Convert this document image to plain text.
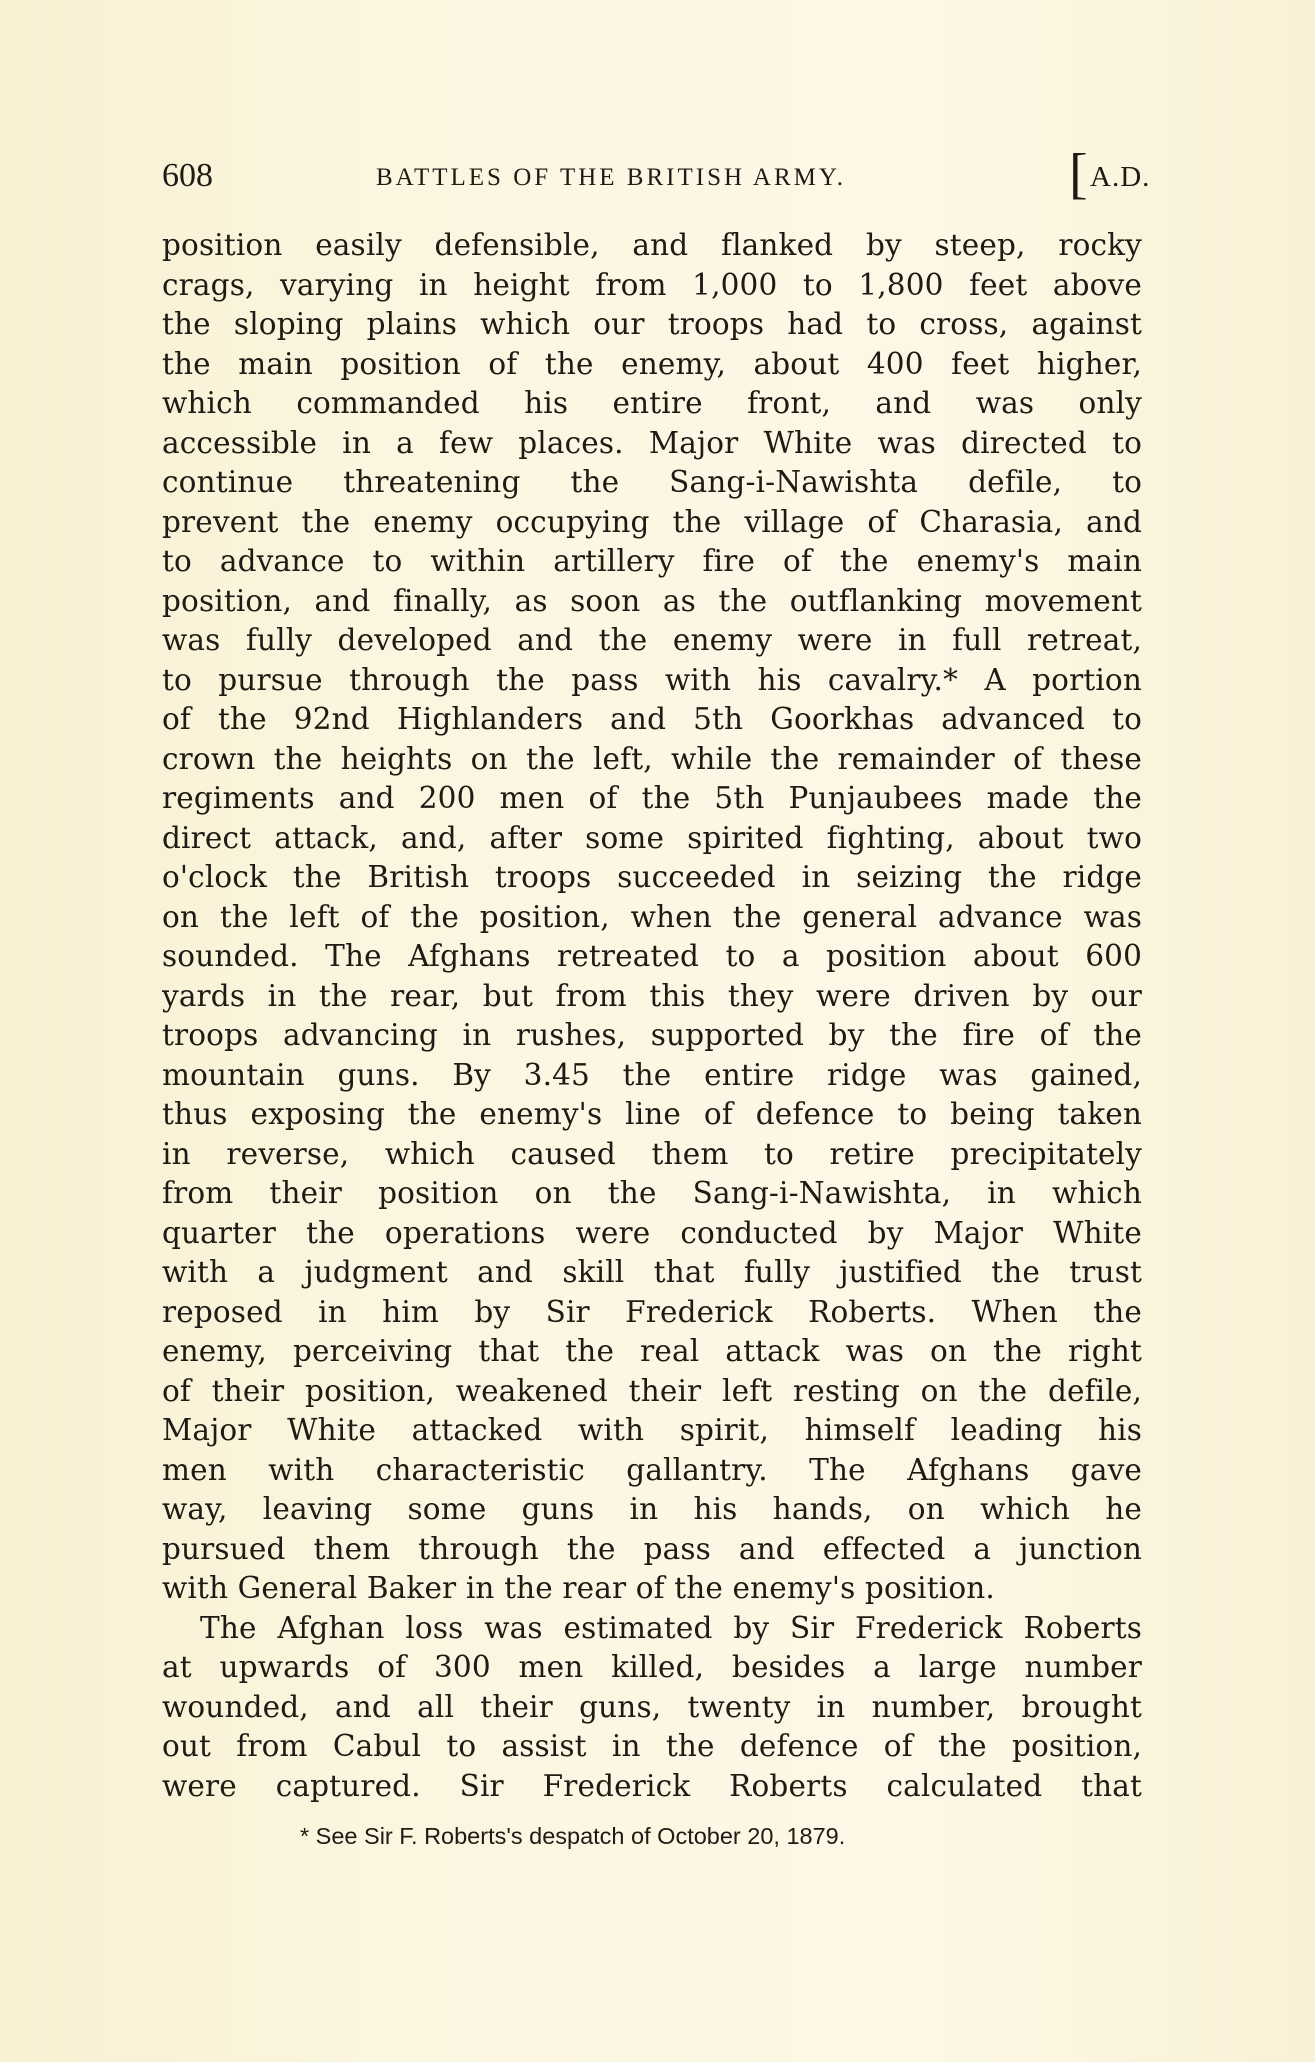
608	BATTLES OF THE BRITISH ARMY.	[ A.D.
position easily defensible, and flanked by steep, rocky
crags, varying in height from 1,000 to 1,800 feet above
the sloping plains which our troops had to cross, against
the main position of the enemy, about 400 feet higher,
which commanded his entire front, and was only
accessible in a few places. Major White was directed to
continue threatening the Sang-i-Nawishta defile, to
prevent the enemy occupying the village of Charasia, and
to advance to within artillery fire of the enemy's main
position, and finally, as soon as the outflanking movement
was fully developed and the enemy were in full retreat,
to pursue through the pass with his cavalry.* A portion
of the 92nd Highlanders and 5th Goorkhas advanced to
crown the heights on the left, while the remainder of these
regiments and 200 men of the 5th Punjaubees made the
direct attack, and, after some spirited fighting, about two
o'clock the British troops succeeded in seizing the ridge
on the left of the position, when the general advance was
sounded. The Afghans retreated to a position about 600
yards in the rear, but from this they were driven by our
troops advancing in rushes, supported by the fire of the
mountain guns. By 3.45 the entire ridge was gained,
thus exposing the enemy's line of defence to being taken
in reverse, which caused them to retire precipitately
from their position on the Sang-i-Nawishta, in which
quarter the operations were conducted by Major White
with a judgment and skill that fully justified the trust
reposed in him by Sir Frederick Roberts. When the
enemy, perceiving that the real attack was on the right
of their position, weakened their left resting on the defile,
Major White attacked with spirit, himself leading his
men with characteristic gallantry. The Afghans gave
way, leaving some guns in his hands, on which he
pursued them through the pass and effected a junction
with General Baker in the rear of the enemy's position.
The Afghan loss was estimated by Sir Frederick Roberts
at upwards of 300 men killed, besides a large number
wounded, and all their guns, twenty in number, brought
out from Cabul to assist in the defence of the position,
were captured. Sir Frederick Roberts calculated that
* See Sir F. Roberts's despatch of October 20, 1879.
